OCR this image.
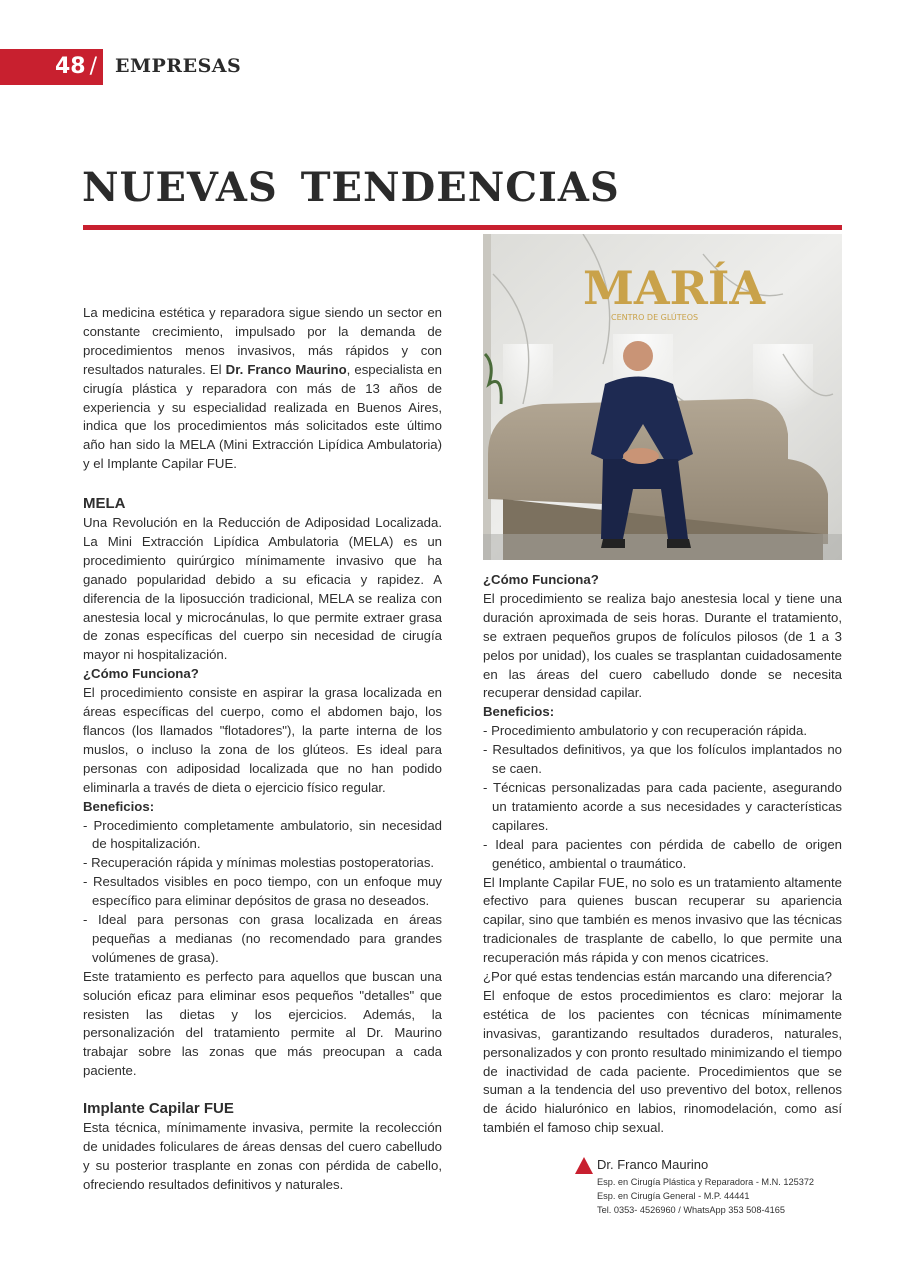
48 / EMPRESAS
NUEVAS TENDENCIAS
MARÍA
CENTRO DE GLÚTEOS

La medicina estética y reparadora sigue siendo un sector en constante crecimiento, impulsado por la demanda de procedimientos menos invasivos, más rápidos y con resultados naturales. El Dr. Franco Maurino, especialista en cirugía plástica y reparadora con más de 13 años de experiencia y su especialidad realizada en Buenos Aires, indica que los procedimientos más solicitados este último año han sido la MELA (Mini Extracción Lipídica Ambulatoria) y el Implante Capilar FUE.

MELA

Una Revolución en la Reducción de Adiposidad Localizada. La Mini Extracción Lipídica Ambulatoria (MELA) es un procedimiento quirúrgico mínimamente invasivo que ha ganado popularidad debido a su eficacia y rapidez. A diferencia de la liposucción tradicional, MELA se realiza con anestesia local y microcánulas, lo que permite extraer grasa de zonas específicas del cuerpo sin necesidad de cirugía mayor ni hospitalización.

¿Cómo Funciona?

El procedimiento consiste en aspirar la grasa localizada en áreas específicas del cuerpo, como el abdomen bajo, los flancos (los llamados "flotadores"), la parte interna de los muslos, o incluso la zona de los glúteos. Es ideal para personas con adiposidad localizada que no han podido eliminarla a través de dieta o ejercicio físico regular.

Beneficios:
- Procedimiento completamente ambulatorio, sin necesidad de hospitalización.
- Recuperación rápida y mínimas molestias postoperatorias.
- Resultados visibles en poco tiempo, con un enfoque muy específico para eliminar depósitos de grasa no deseados.
- Ideal para personas con grasa localizada en áreas pequeñas a medianas (no recomendado para grandes volúmenes de grasa).

Este tratamiento es perfecto para aquellos que buscan una solución eficaz para eliminar esos pequeños "detalles" que resisten las dietas y los ejercicios. Además, la personalización del tratamiento permite al Dr. Maurino trabajar sobre las zonas que más preocupan a cada paciente.

Implante Capilar FUE

Esta técnica, mínimamente invasiva, permite la recolección de unidades foliculares de áreas densas del cuero cabelludo y su posterior trasplante en zonas con pérdida de cabello, ofreciendo resultados definitivos y naturales.

¿Cómo Funciona?

El procedimiento se realiza bajo anestesia local y tiene una duración aproximada de seis horas. Durante el tratamiento, se extraen pequeños grupos de folículos pilosos (de 1 a 3 pelos por unidad), los cuales se trasplantan cuidadosamente en las áreas del cuero cabelludo donde se necesita recuperar densidad capilar.

Beneficios:
- Procedimiento ambulatorio y con recuperación rápida.
- Resultados definitivos, ya que los folículos implantados no se caen.
- Técnicas personalizadas para cada paciente, asegurando un tratamiento acorde a sus necesidades y características capilares.
- Ideal para pacientes con pérdida de cabello de origen genético, ambiental o traumático.

El Implante Capilar FUE, no solo es un tratamiento altamente efectivo para quienes buscan recuperar su apariencia capilar, sino que también es menos invasivo que las técnicas tradicionales de trasplante de cabello, lo que permite una recuperación más rápida y con menos cicatrices.

¿Por qué estas tendencias están marcando una diferencia?

El enfoque de estos procedimientos es claro: mejorar la estética de los pacientes con técnicas mínimamente invasivas, garantizando resultados duraderos, naturales, personalizados y con pronto resultado minimizando el tiempo de inactividad de cada paciente. Procedimientos que se suman a la tendencia del uso preventivo del botox, rellenos de ácido hialurónico en labios, rinomodelación, como así también el famoso chip sexual.

Dr. Franco Maurino
Esp. en Cirugía Plástica y Reparadora - M.N. 125372
Esp. en Cirugía General - M.P. 44441
Tel. 0353- 4526960 / WhatsApp 353 508-4165
